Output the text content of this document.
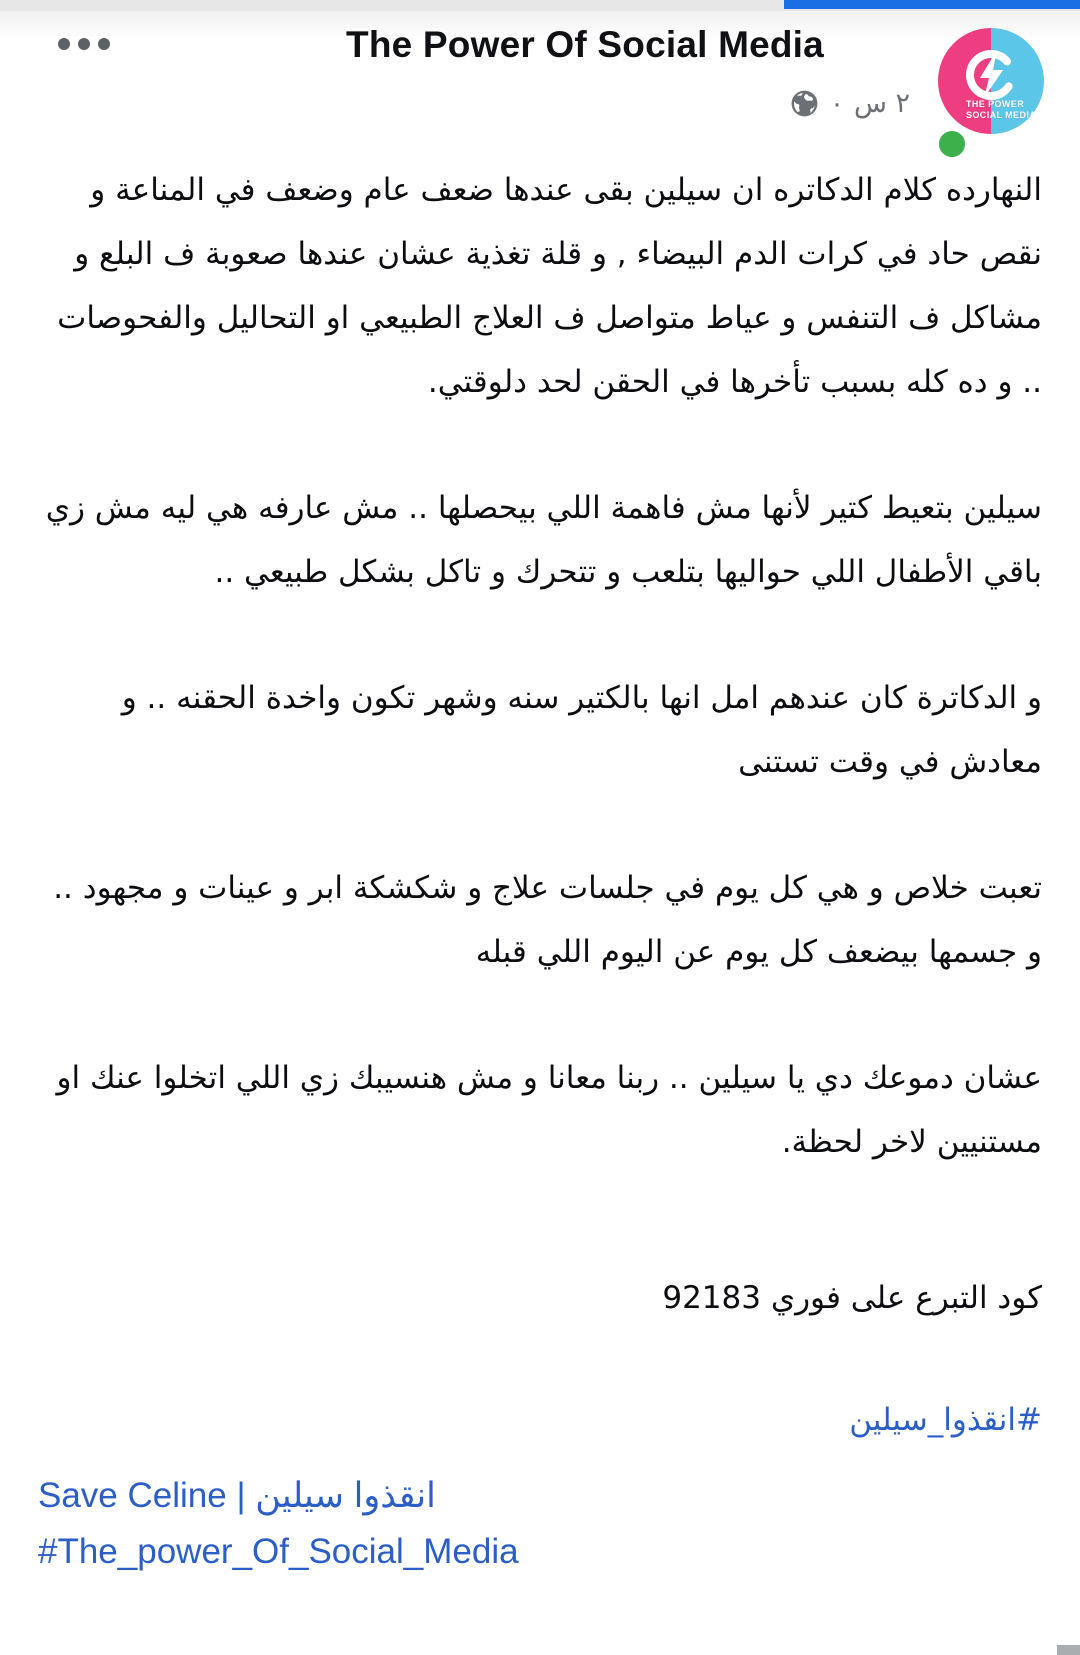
The Power Of Social Media
· ٢ س	THE POWER
SOCIAL MEDIA

النهارده كلام الدكاتره ان سيلين بقى عندها ضعف عام وضعف في المناعة و نقص حاد في كرات الدم البيضاء , و قلة تغذية عشان عندها صعوبة ف البلع و مشاكل ف التنفس و عياط متواصل ف العلاج الطبيعي او التحاليل والفحوصات .. و ده كله بسبب تأخرها في الحقن لحد دلوقتي.

سيلين بتعيط كتير لأنها مش فاهمة اللي بيحصلها .. مش عارفه هي ليه مش زي باقي الأطفال اللي حواليها بتلعب و تتحرك و تاكل بشكل طبيعي ..

و الدكاترة كان عندهم امل انها بالكتير سنه وشهر تكون واخدة الحقنه .. و معادش في وقت تستنى

تعبت خلاص و هي كل يوم في جلسات علاج و شكشكة ابر و عينات و مجهود .. و جسمها بيضعف كل يوم عن اليوم اللي قبله

عشان دموعك دي يا سيلين .. ربنا معانا و مش هنسيبك زي اللي اتخلوا عنك او مستنيين لاخر لحظة.

كود التبرع على فوري 92183

#انقذوا_سيلين

Save Celine | انقذوا سيلين

#The_power_Of_Social_Media
